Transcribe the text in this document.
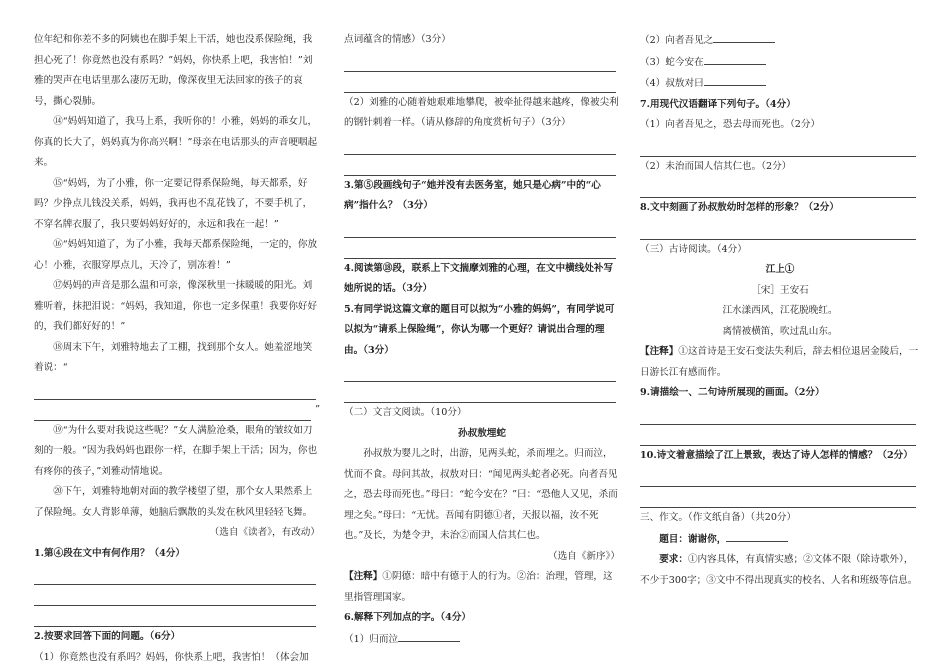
位年纪和你差不多的阿姨也在脚手架上干活，她也没系保险绳，我担心死了！你竟然也没有系吗？”妈妈，你快系上吧，我害怕！”刘雅的哭声在电话里那么凄厉无助，像深夜里无法回家的孩子的哀号，撕心裂肺。

⑭“妈妈知道了，我马上系，我听你的！小雅，妈妈的乖女儿，你真的长大了，妈妈真为你高兴啊！”母亲在电话那头的声音哽咽起来。

⑮“妈妈，为了小雅，你一定要记得系保险绳，每天都系，好吗？少挣点儿钱没关系，妈妈，我再也不乱花钱了，不要手机了，不穿名牌衣服了，我只要妈妈好好的，永远和我在一起！”

⑯“妈妈知道了，为了小雅，我每天都系保险绳，一定的，你放心！小雅，衣服穿厚点儿，天冷了，别冻着！”

⑰妈妈的声音是那么温和可亲，像深秋里一抹暖暖的阳光。刘雅听着，抹把泪说：“妈妈，我知道，你也一定多保重！我要你好好的，我们都好好的！”

⑱周末下午，刘雅特地去了工棚，找到那个女人。她羞涩地笑着说：“

”

⑲“为什么要对我说这些呢？”女人满脸沧桑，眼角的皱纹如刀刻的一般。“因为我妈妈也跟你一样，在脚手架上干活；因为，你也有疼你的孩子，”刘雅动情地说。

⑳下午，刘雅特地朝对面的教学楼望了望，那个女人果然系上了保险绳。女人背影单薄，她脑后飘散的头发在秋风里轻轻飞舞。

（选自《读者》，有改动）

1.第④段在文中有何作用？（4分）

2.按要求回答下面的问题。（6分）

（1）你竟然也没有系吗？妈妈，你快系上吧，我害怕！（体会加

点词蕴含的情感）（3分）

（2）刘雅的心随着她艰难地攀爬，被牵扯得越来越疼，像被尖利的钢针刺着一样。（请从修辞的角度赏析句子）（3分）

3.第⑤段画线句子“她并没有去医务室，她只是心病”中的“心病”指什么？（3分）

4.阅读第⑱段，联系上下文揣摩刘雅的心理，在文中横线处补写她所说的话。（3分）

5.有同学说这篇文章的题目可以拟为“小雅的妈妈”，有同学说可以拟为“请系上保险绳”，你认为哪一个更好？请说出合理的理由。（3分）

（二）文言文阅读。（10分）

孙叔敖埋蛇

孙叔敖为婴儿之时，出游，见两头蛇，杀而埋之。归而泣，忧而不食。母问其故，叔敖对曰：“闻见两头蛇者必死。向者吾见之，恐去母而死也。”母曰：“蛇今安在？”曰：“恐他人又见，杀而埋之矣。”母曰：“无忧。吾闻有阴德①者，天报以福，汝不死也。”及长，为楚令尹，未治②而国人信其仁也。

（选自《新序》）

【注释】①阴德：暗中有德于人的行为。②治：治理，管理，这里指管理国家。

6.解释下列加点的字。（4分）

（1）归而泣

（2）向者吾见之

（3）蛇今安在

（4）叔敖对曰

7.用现代汉语翻译下列句子。（4分）

（1）向者吾见之，恐去母而死也。（2分）

（2）未治而国人信其仁也。（2分）

8.文中刻画了孙叔敖幼时怎样的形象？（2分）

（三）古诗阅读。（4分）

江上①

［宋］王安石

江水漾西风，江花脱晚红。

离情被横笛，吹过乱山东。

【注释】①这首诗是王安石变法失利后，辞去相位退居金陵后，一日游长江有感而作。

9.请描绘一、二句诗所展现的画面。（2分）

10.诗文着意描绘了江上景致，表达了诗人怎样的情感？（2分）

三、作文。（作文纸自备）（共20分）

题目：谢谢你，

要求：①内容具体，有真情实感；②文体不限（除诗歌外），不少于300字；③文中不得出现真实的校名、人名和班级等信息。
